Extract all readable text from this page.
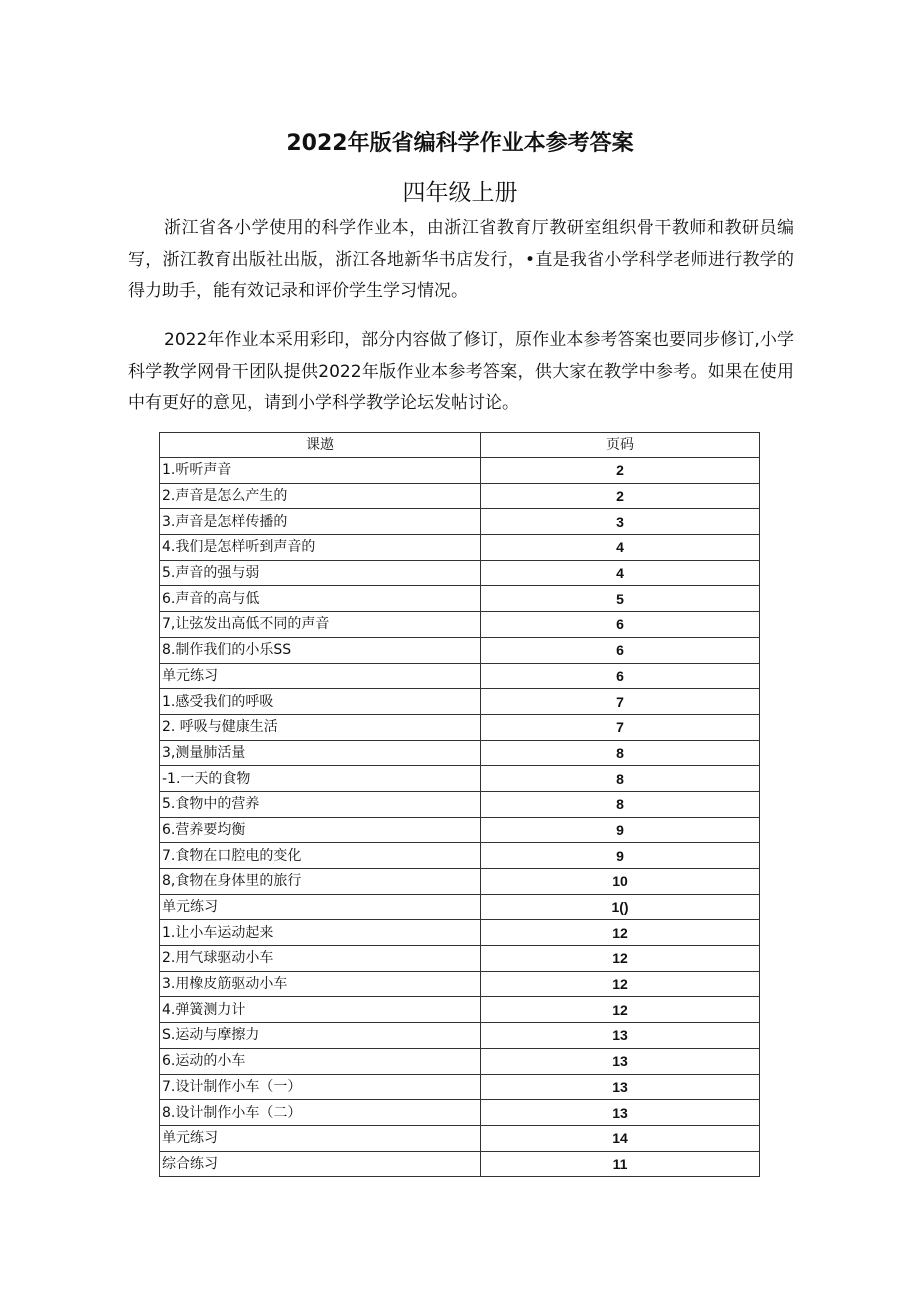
2022年版省编科学作业本参考答案
四年级上册

浙江省各小学使用的科学作业本，由浙江省教育厅教研室组织骨干教师和教研员编写，浙江教育出版社出版，浙江各地新华书店发行，•直是我省小学科学老师进行教学的得力助手，能有效记录和评价学生学习情况。

2022年作业本采用彩印，部分内容做了修订，原作业本参考答案也要同步修订,小学科学教学网骨干团队提供2022年版作业本参考答案，供大家在教学中参考。如果在使用中有更好的意见，请到小学科学教学论坛发帖讨论。

课遨	页码
1.听听声音	2
2.声音是怎么产生的	2
3.声音是怎样传播的	3
4.我们是怎样听到声音的	4
5.声音的强与弱	4
6.声音的高与低	5
7,让弦发出高低不同的声音	6
8.制作我们的小乐SS	6
单元练习	6
1.感受我们的呼吸	7
2. 呼吸与健康生活	7
3,测量肺活量	8
-1.一天的食物	8
5.食物中的营养	8
6.营养要均衡	9
7.食物在口腔电的变化	9
8,食物在身体里的旅行	10
单元练习	1()
1.让小车运动起来	12
2.用气球驱动小车	12
3.用橡皮筋驱动小车	12
4.弹簧测力计	12
S.运动与摩擦力	13
6.运动的小车	13
7.设计制作小车（一）	13
8.设计制作小车（二）	13
单元练习	14
综合练习	11
